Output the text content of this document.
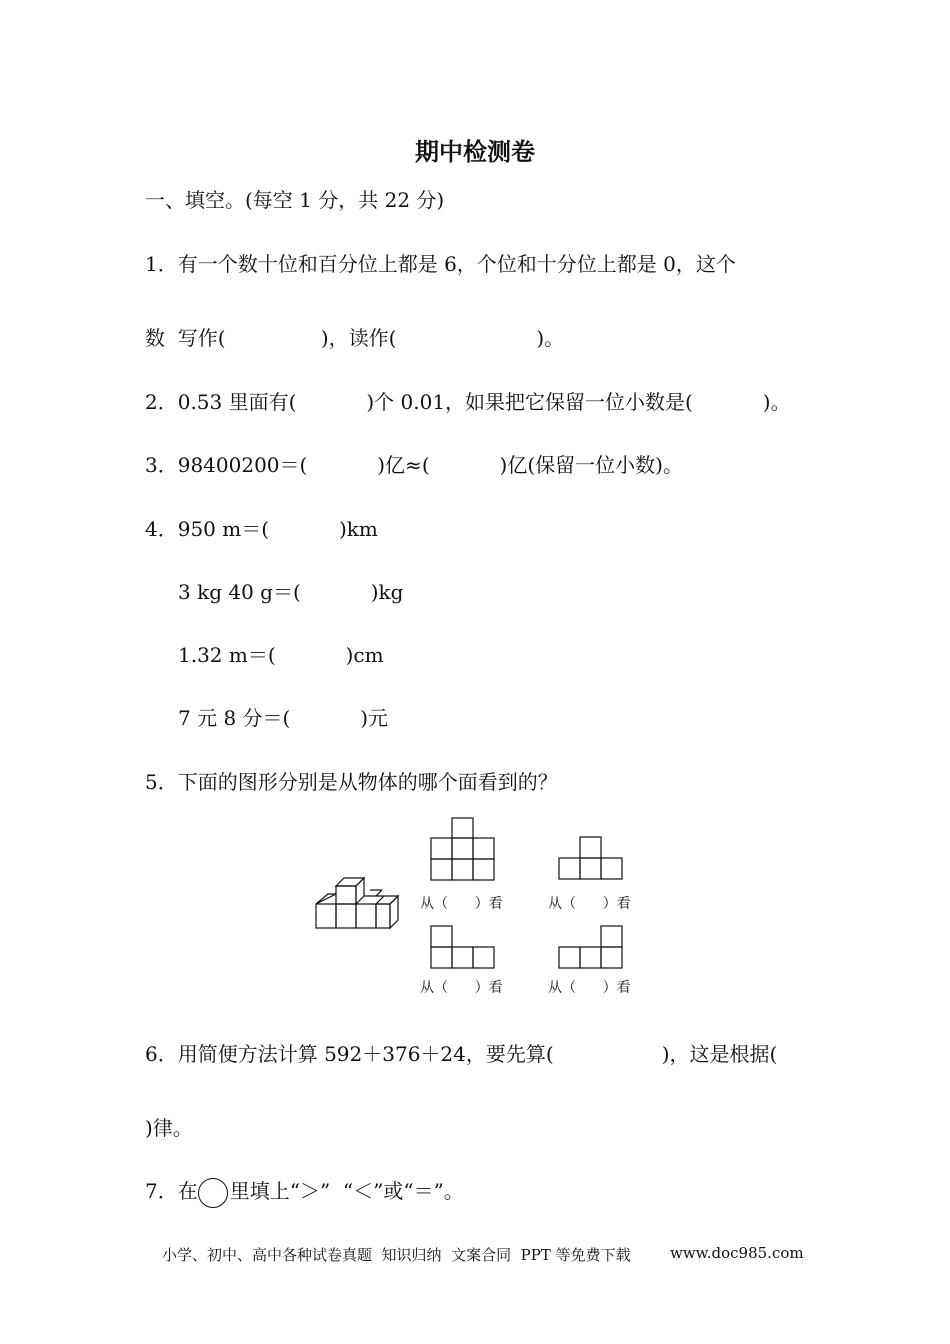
期中检测卷
一、填空。(每空 1 分，共 22 分)
1．有一个数十位和百分位上都是 6，个位和十分位上都是 0，这个
数  写作(               )，读作(                      )。
2．0.53 里面有(           )个 0.01，如果把它保留一位小数是(           )。
3．98400200＝(           )亿≈(           )亿(保留一位小数)。
4．950 m＝(           )km
3 kg 40 g＝(           )kg
1.32 m＝(           )cm
7 元 8 分＝(           )元
5．下面的图形分别是从物体的哪个面看到的？
从（      ）看	从（      ）看
从（      ）看	从（      ）看
6．用简便方法计算 592＋376＋24，要先算(                 )，这是根据(
)律。
7．在 里填上“＞”  “＜”或“＝”。
小学、初中、高中各种试卷真题  知识归纳  文案合同  PPT 等免费下载	www.doc985.com
